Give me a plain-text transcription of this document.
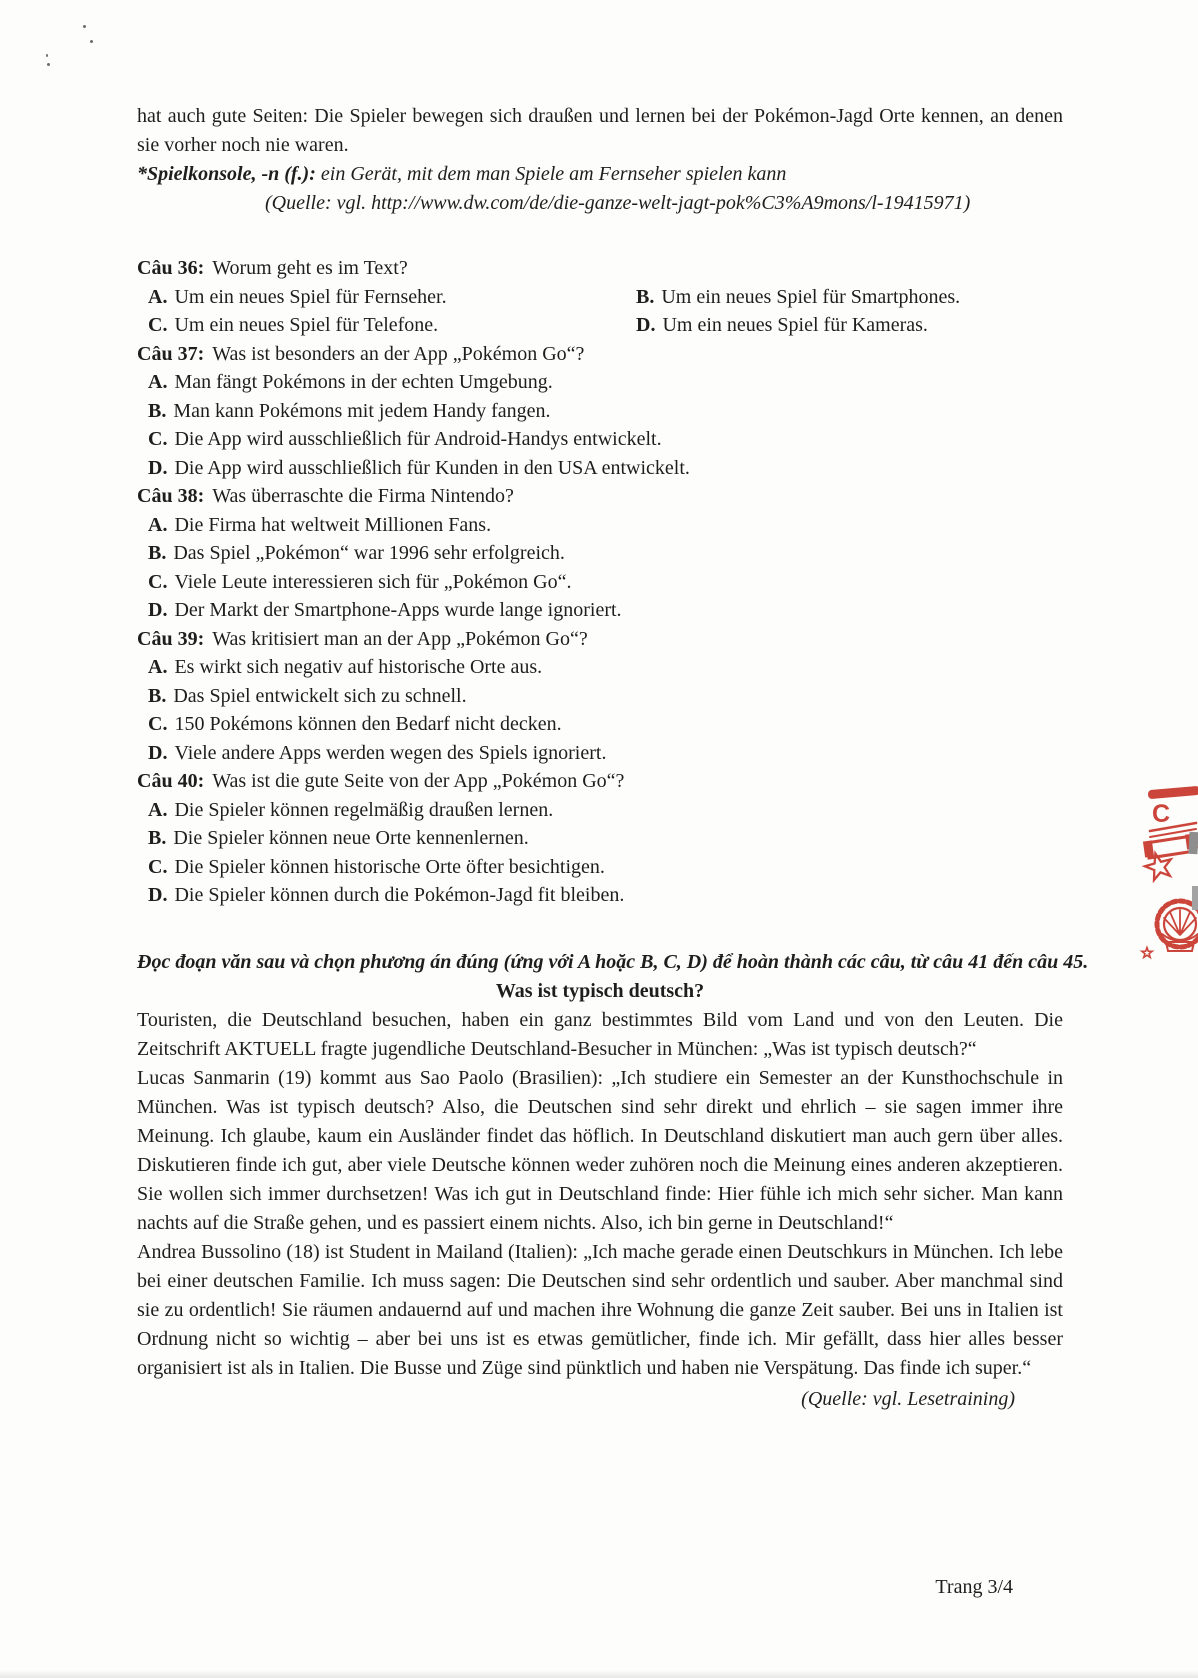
hat auch gute Seiten: Die Spieler bewegen sich draußen und lernen bei der Pokémon-Jagd Orte kennen, an denen sie vorher noch nie waren.

*Spielkonsole, -n (f.): ein Gerät, mit dem man Spiele am Fernseher spielen kann

(Quelle: vgl. http://www.dw.com/de/die-ganze-welt-jagt-pok%C3%A9mons/l-19415971)

Câu 36: Worum geht es im Text?
A. Um ein neues Spiel für Fernseher.	B. Um ein neues Spiel für Smartphones.
C. Um ein neues Spiel für Telefone.	D. Um ein neues Spiel für Kameras.
Câu 37: Was ist besonders an der App „Pokémon Go“?
A. Man fängt Pokémons in der echten Umgebung.
B. Man kann Pokémons mit jedem Handy fangen.
C. Die App wird ausschließlich für Android-Handys entwickelt.
D. Die App wird ausschließlich für Kunden in den USA entwickelt.
Câu 38: Was überraschte die Firma Nintendo?
A. Die Firma hat weltweit Millionen Fans.
B. Das Spiel „Pokémon“ war 1996 sehr erfolgreich.
C. Viele Leute interessieren sich für „Pokémon Go“.
D. Der Markt der Smartphone-Apps wurde lange ignoriert.
Câu 39: Was kritisiert man an der App „Pokémon Go“?
A. Es wirkt sich negativ auf historische Orte aus.
B. Das Spiel entwickelt sich zu schnell.
C. 150 Pokémons können den Bedarf nicht decken.
D. Viele andere Apps werden wegen des Spiels ignoriert.
Câu 40: Was ist die gute Seite von der App „Pokémon Go“?
A. Die Spieler können regelmäßig draußen lernen.
B. Die Spieler können neue Orte kennenlernen.
C. Die Spieler können historische Orte öfter besichtigen.
D. Die Spieler können durch die Pokémon-Jagd fit bleiben.

Đọc đoạn văn sau và chọn phương án đúng (ứng với A hoặc B, C, D) để hoàn thành các câu, từ câu 41 đến câu 45.

Was ist typisch deutsch?

Touristen, die Deutschland besuchen, haben ein ganz bestimmtes Bild vom Land und von den Leuten. Die Zeitschrift AKTUELL fragte jugendliche Deutschland-Besucher in München: „Was ist typisch deutsch?“

Lucas Sanmarin (19) kommt aus Sao Paolo (Brasilien): „Ich studiere ein Semester an der Kunsthochschule in München. Was ist typisch deutsch? Also, die Deutschen sind sehr direkt und ehrlich – sie sagen immer ihre Meinung. Ich glaube, kaum ein Ausländer findet das höflich. In Deutschland diskutiert man auch gern über alles. Diskutieren finde ich gut, aber viele Deutsche können weder zuhören noch die Meinung eines anderen akzeptieren. Sie wollen sich immer durchsetzen! Was ich gut in Deutschland finde: Hier fühle ich mich sehr sicher. Man kann nachts auf die Straße gehen, und es passiert einem nichts. Also, ich bin gerne in Deutschland!“

Andrea Bussolino (18) ist Student in Mailand (Italien): „Ich mache gerade einen Deutschkurs in München. Ich lebe bei einer deutschen Familie. Ich muss sagen: Die Deutschen sind sehr ordentlich und sauber. Aber manchmal sind sie zu ordentlich! Sie räumen andauernd auf und machen ihre Wohnung die ganze Zeit sauber. Bei uns in Italien ist Ordnung nicht so wichtig – aber bei uns ist es etwas gemütlicher, finde ich. Mir gefällt, dass hier alles besser organisiert ist als in Italien. Die Busse und Züge sind pünktlich und haben nie Verspätung. Das finde ich super.“

(Quelle: vgl. Lesetraining)

Trang 3/4
C
